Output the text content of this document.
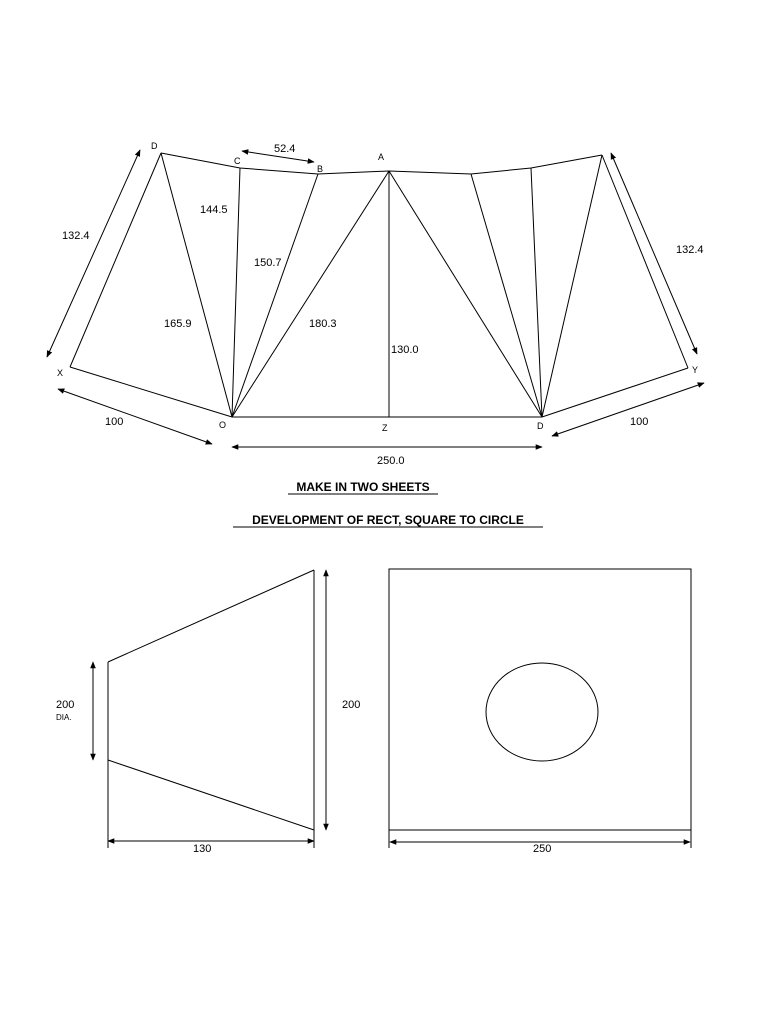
D
C
B
A
X
O	Z	D
Y
52.4
132.4
132.4
144.5
150.7
165.9	180.3
130.0
100	100
250.0
MAKE IN TWO SHEETS
DEVELOPMENT OF RECT, SQUARE TO CIRCLE
200
DIA.
200
130	250
